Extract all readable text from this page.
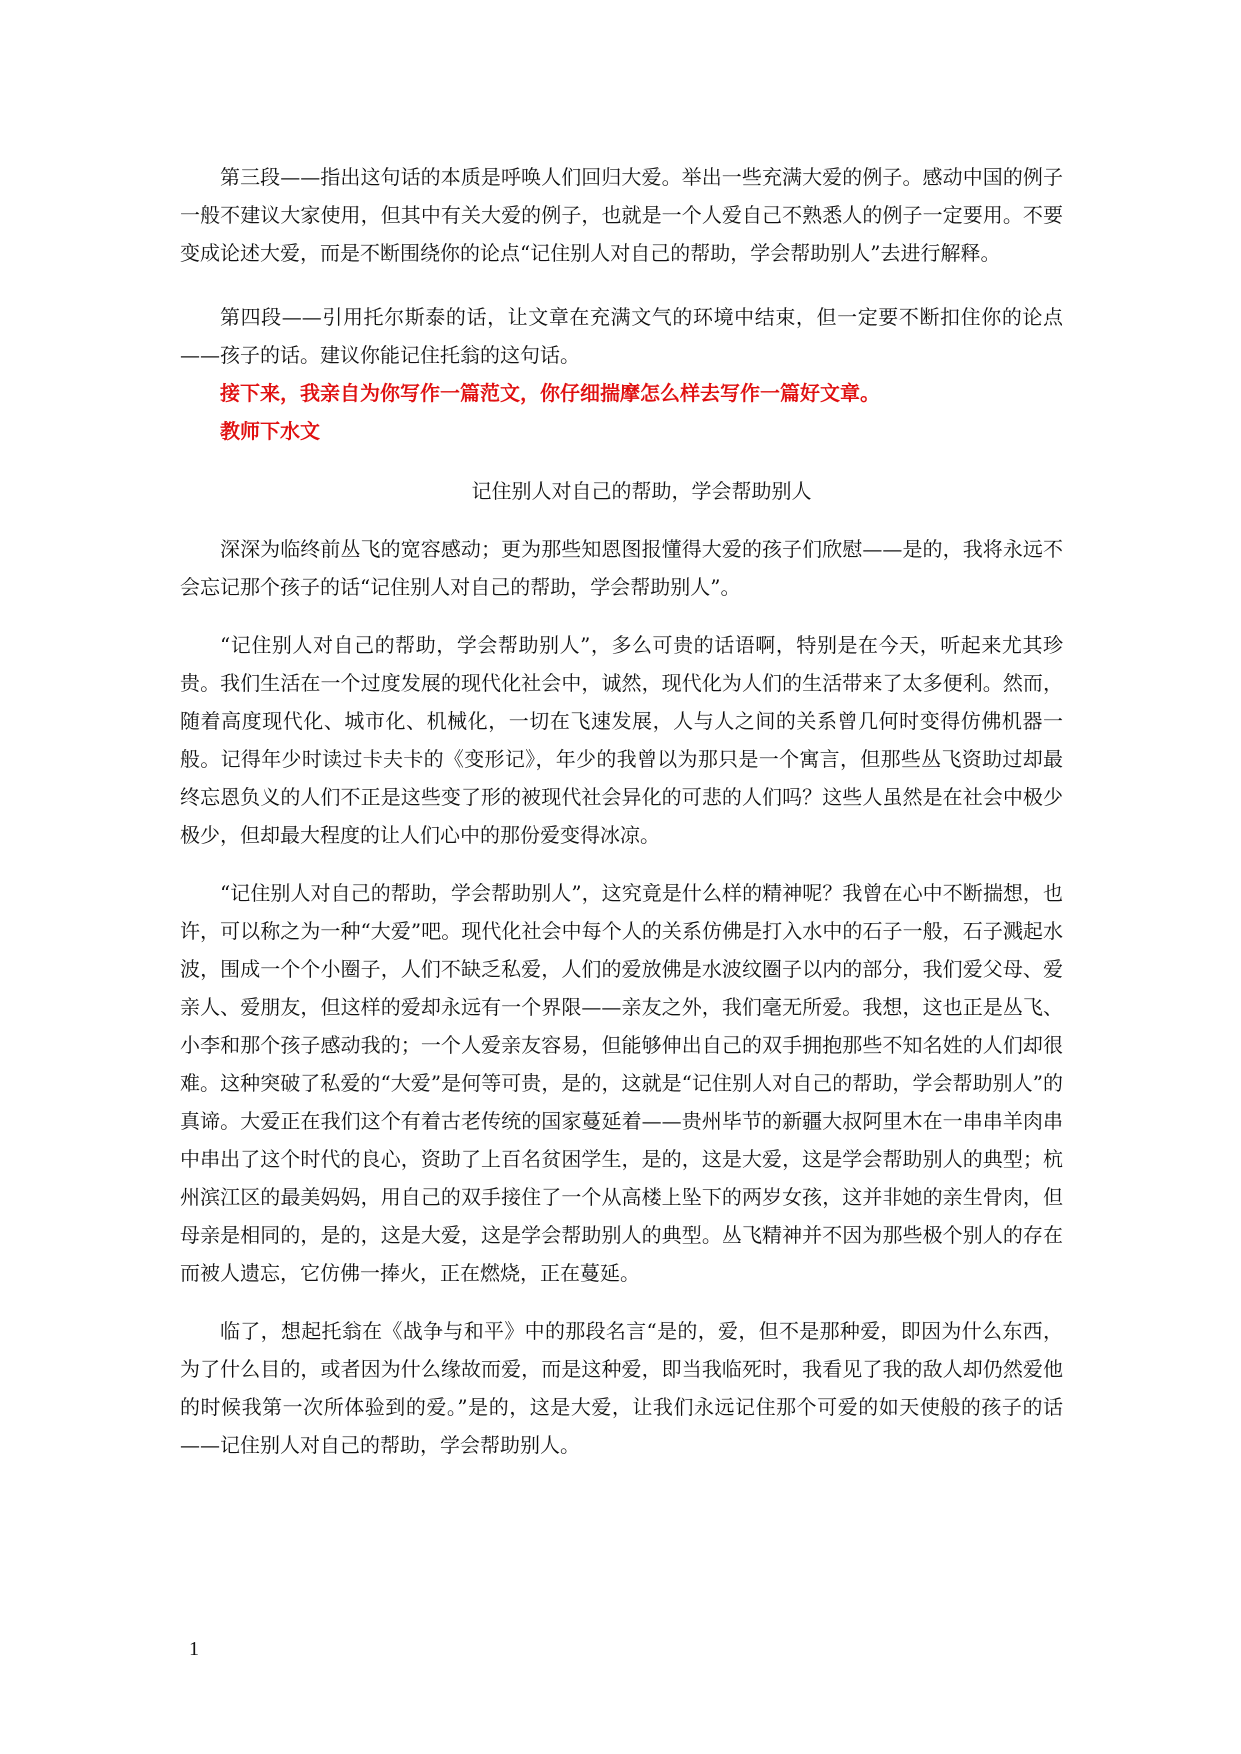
第三段——指出这句话的本质是呼唤人们回归大爱。举出一些充满大爱的例子。感动中国的例子一般不建议大家使用，但其中有关大爱的例子，也就是一个人爱自己不熟悉人的例子一定要用。不要变成论述大爱，而是不断围绕你的论点“记住别人对自己的帮助，学会帮助别人”去进行解释。

第四段——引用托尔斯泰的话，让文章在充满文气的环境中结束，但一定要不断扣住你的论点——孩子的话。建议你能记住托翁的这句话。

接下来，我亲自为你写作一篇范文，你仔细揣摩怎么样去写作一篇好文章。

教师下水文

记住别人对自己的帮助，学会帮助别人

深深为临终前丛飞的宽容感动；更为那些知恩图报懂得大爱的孩子们欣慰——是的，我将永远不会忘记那个孩子的话“记住别人对自己的帮助，学会帮助别人”。

“记住别人对自己的帮助，学会帮助别人”，多么可贵的话语啊，特别是在今天，听起来尤其珍贵。我们生活在一个过度发展的现代化社会中，诚然，现代化为人们的生活带来了太多便利。然而，随着高度现代化、城市化、机械化，一切在飞速发展，人与人之间的关系曾几何时变得仿佛机器一般。记得年少时读过卡夫卡的《变形记》，年少的我曾以为那只是一个寓言，但那些丛飞资助过却最终忘恩负义的人们不正是这些变了形的被现代社会异化的可悲的人们吗？这些人虽然是在社会中极少极少，但却最大程度的让人们心中的那份爱变得冰凉。

“记住别人对自己的帮助，学会帮助别人”，这究竟是什么样的精神呢？我曾在心中不断揣想，也许，可以称之为一种“大爱”吧。现代化社会中每个人的关系仿佛是打入水中的石子一般，石子溅起水波，围成一个个小圈子，人们不缺乏私爱，人们的爱放佛是水波纹圈子以内的部分，我们爱父母、爱亲人、爱朋友，但这样的爱却永远有一个界限——亲友之外，我们毫无所爱。我想，这也正是丛飞、小李和那个孩子感动我的；一个人爱亲友容易，但能够伸出自己的双手拥抱那些不知名姓的人们却很难。这种突破了私爱的“大爱”是何等可贵，是的，这就是“记住别人对自己的帮助，学会帮助别人”的真谛。大爱正在我们这个有着古老传统的国家蔓延着——贵州毕节的新疆大叔阿里木在一串串羊肉串中串出了这个时代的良心，资助了上百名贫困学生，是的，这是大爱，这是学会帮助别人的典型；杭州滨江区的最美妈妈，用自己的双手接住了一个从高楼上坠下的两岁女孩，这并非她的亲生骨肉，但母亲是相同的，是的，这是大爱，这是学会帮助别人的典型。丛飞精神并不因为那些极个别人的存在而被人遗忘，它仿佛一捧火，正在燃烧，正在蔓延。

临了，想起托翁在《战争与和平》中的那段名言“是的，爱，但不是那种爱，即因为什么东西，为了什么目的，或者因为什么缘故而爱，而是这种爱，即当我临死时，我看见了我的敌人却仍然爱他的时候我第一次所体验到的爱。”是的，这是大爱，让我们永远记住那个可爱的如天使般的孩子的话——记住别人对自己的帮助，学会帮助别人。

1
